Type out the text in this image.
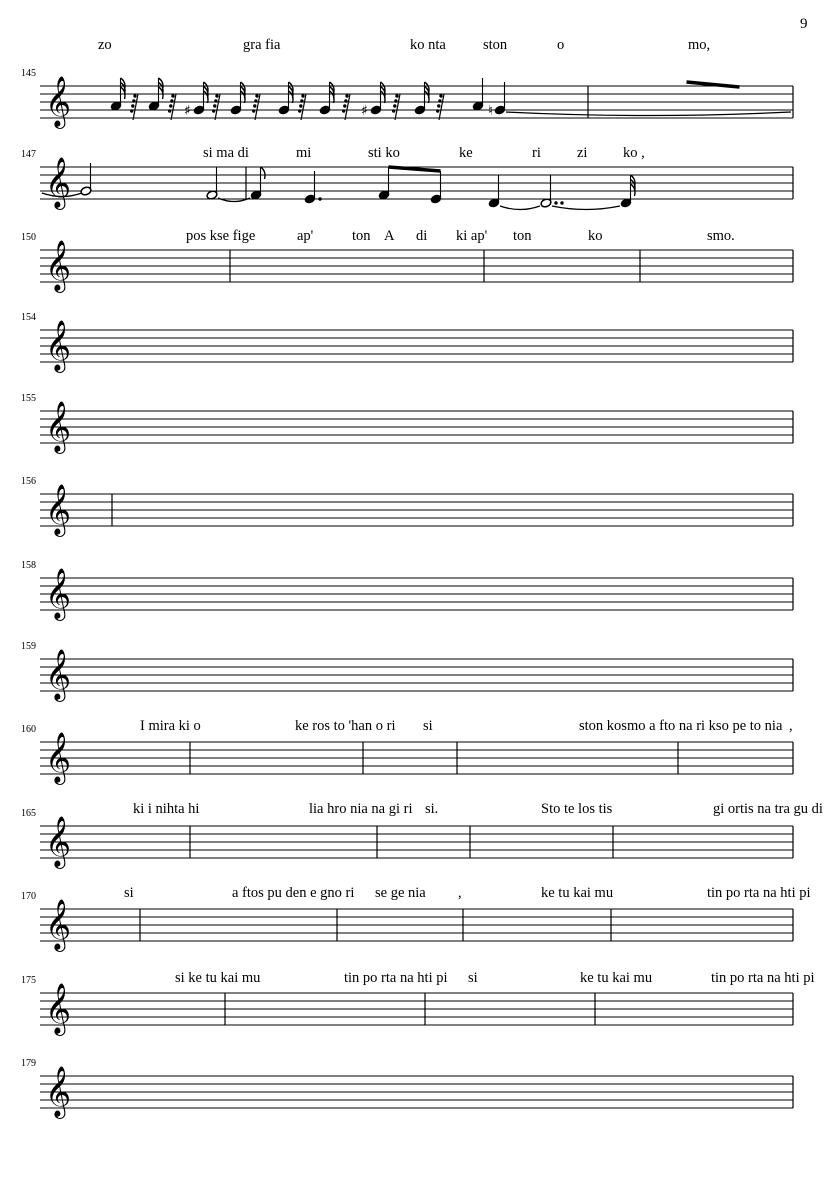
9
𝄞
𝄞
𝄞
𝄞
𝄞
𝄞
𝄞
𝄞
𝄞
𝄞
𝄞
𝄞
𝄞
♯	♯	♮
145
zo	gra fia	ko nta	ston	o	mo,
147	si ma di	mi	sti ko	ke	ri zi ko ,
150	pos kse fige	ap'	ton A di ki ap' ton	ko	smo.
154
155
156
158
159
160	I mira ki o	ke ros to 'han o ri si	ston kosmo a fto na ri kso pe to nia ,
165	ki i nihta hi	lia hro nia na gi ri si.	Sto te los tis	gi ortis na tra gu di
170	si	a ftos pu den e gno ri se ge nia ,	ke tu kai mu	tin po rta na hti pi
175	si ke tu kai mu	tin po rta na hti pi si	ke tu kai mu	tin po rta na hti pi
179
